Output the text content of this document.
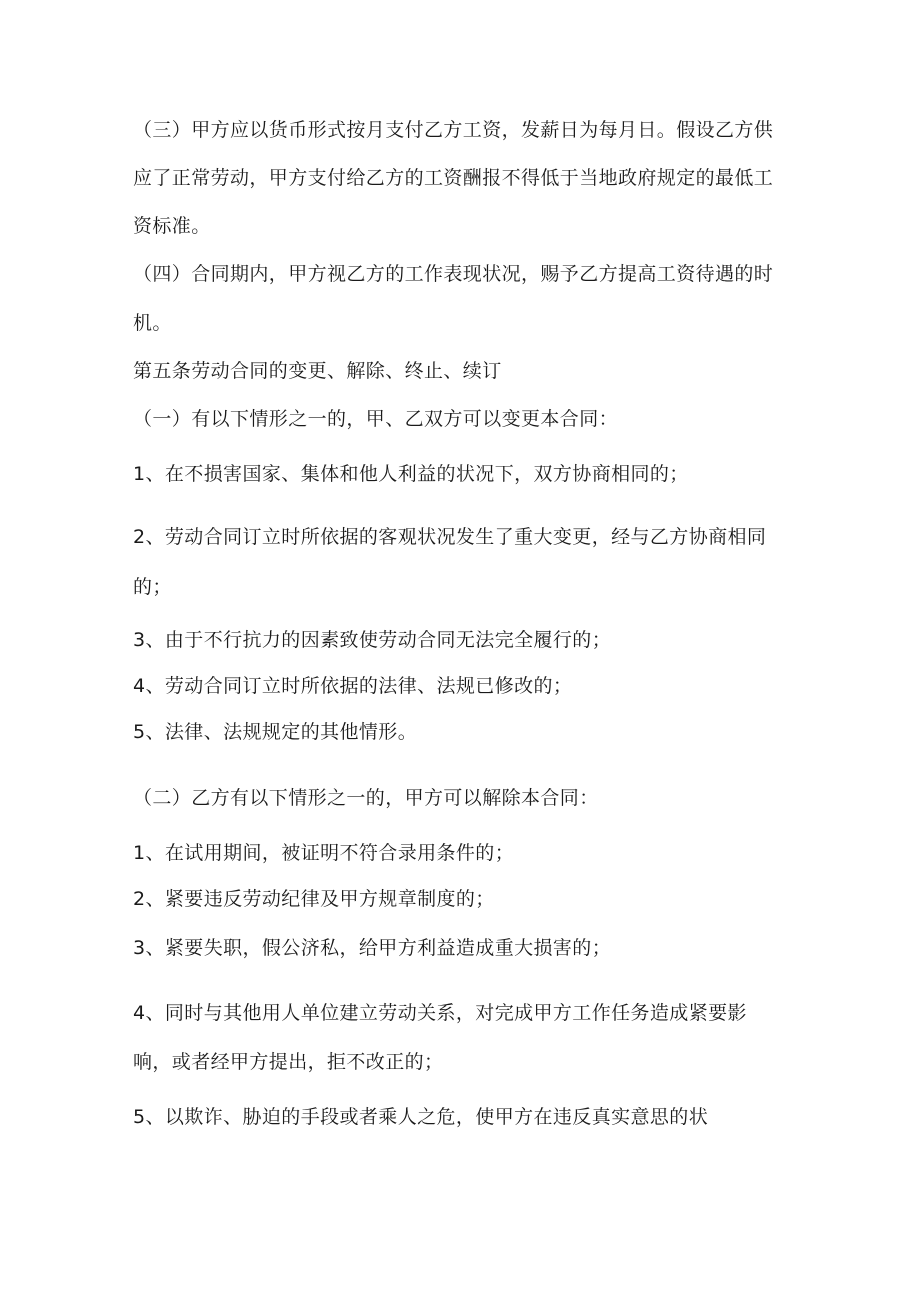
（三）甲方应以货币形式按月支付乙方工资，发薪日为每月日。假设乙方供
应了正常劳动，甲方支付给乙方的工资酬报不得低于当地政府规定的最低工
资标准。
（四）合同期内，甲方视乙方的工作表现状况，赐予乙方提高工资待遇的时
机。
第五条劳动合同的变更、解除、终止、续订
（一）有以下情形之一的，甲、乙双方可以变更本合同：
1、在不损害国家、集体和他人利益的状况下，双方协商相同的；
2、劳动合同订立时所依据的客观状况发生了重大变更，经与乙方协商相同
的；
3、由于不行抗力的因素致使劳动合同无法完全履行的；
4、劳动合同订立时所依据的法律、法规已修改的；
5、法律、法规规定的其他情形。
（二）乙方有以下情形之一的，甲方可以解除本合同：
1、在试用期间，被证明不符合录用条件的；
2、紧要违反劳动纪律及甲方规章制度的；
3、紧要失职，假公济私，给甲方利益造成重大损害的；
4、同时与其他用人单位建立劳动关系，对完成甲方工作任务造成紧要影
响，或者经甲方提出，拒不改正的；
5、以欺诈、胁迫的手段或者乘人之危，使甲方在违反真实意思的状
